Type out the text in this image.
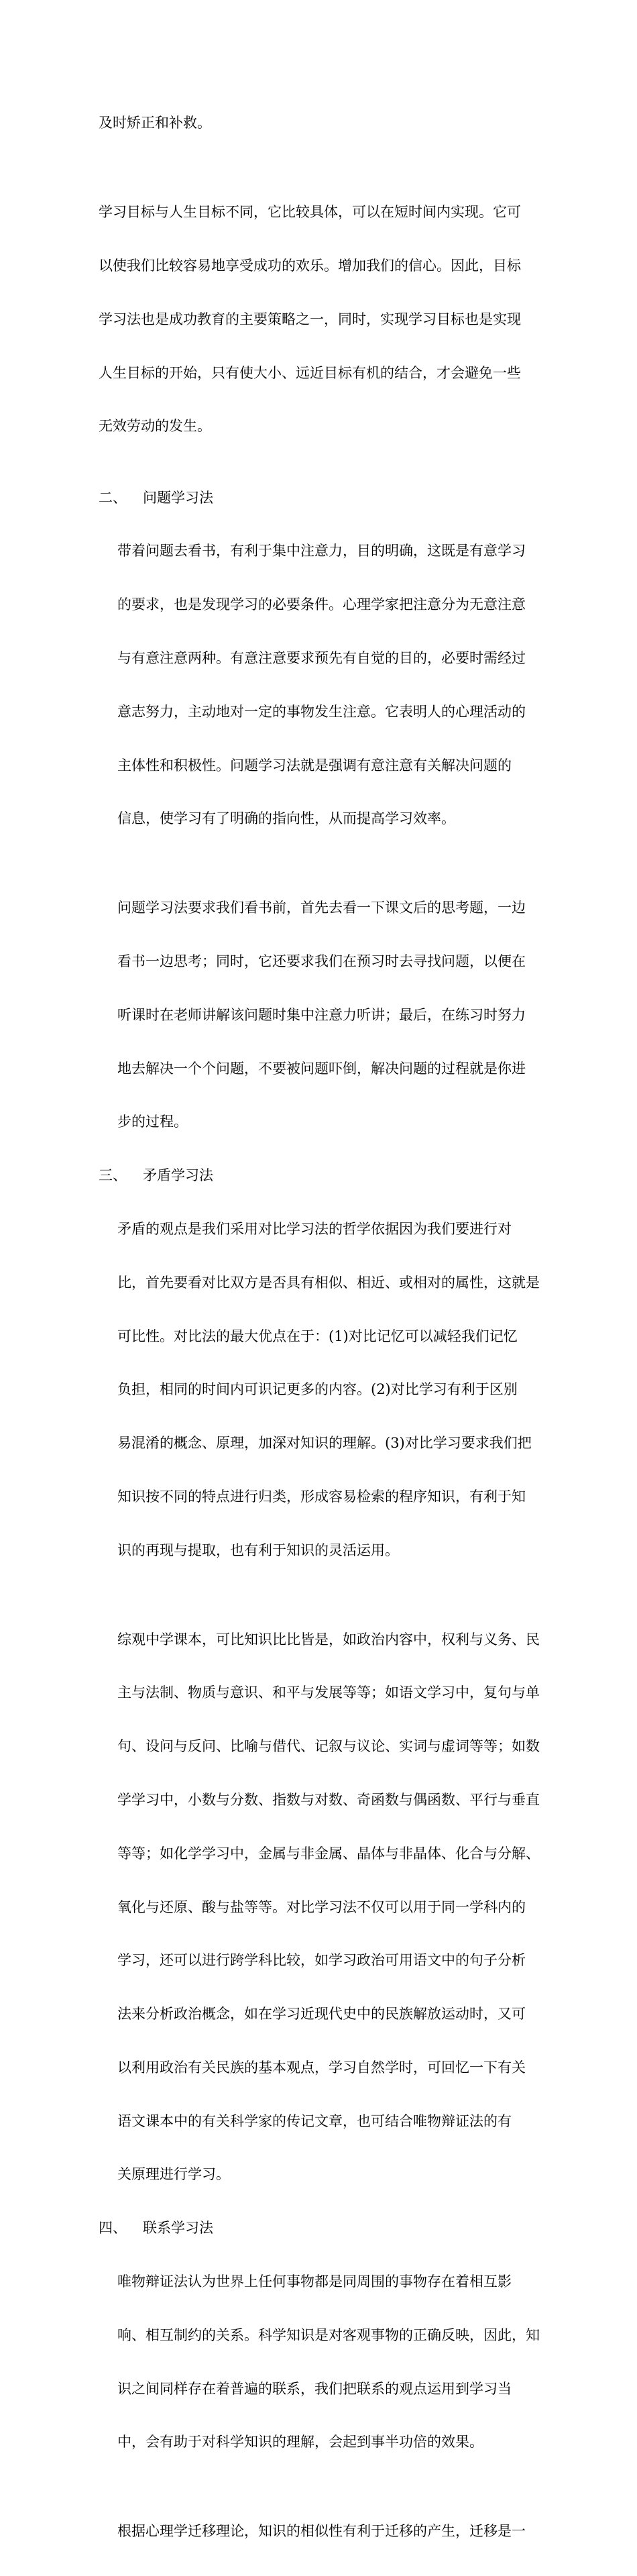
及时矫正和补救。

学习目标与人生目标不同，它比较具体，可以在短时间内实现。它可

以使我们比较容易地享受成功的欢乐。增加我们的信心。因此，目标

学习法也是成功教育的主要策略之一，同时，实现学习目标也是实现

人生目标的开始，只有使大小、远近目标有机的结合，才会避免一些

无效劳动的发生。

二、	问题学习法

带着问题去看书，有利于集中注意力，目的明确，这既是有意学习

的要求，也是发现学习的必要条件。心理学家把注意分为无意注意

与有意注意两种。有意注意要求预先有自觉的目的，必要时需经过

意志努力，主动地对一定的事物发生注意。它表明人的心理活动的

主体性和积极性。问题学习法就是强调有意注意有关解决问题的

信息，使学习有了明确的指向性，从而提高学习效率。

问题学习法要求我们看书前，首先去看一下课文后的思考题，一边

看书一边思考；同时，它还要求我们在预习时去寻找问题，以便在

听课时在老师讲解该问题时集中注意力听讲；最后，在练习时努力

地去解决一个个问题，不要被问题吓倒，解决问题的过程就是你进

步的过程。

三、	矛盾学习法

矛盾的观点是我们采用对比学习法的哲学依据因为我们要进行对

比，首先要看对比双方是否具有相似、相近、或相对的属性，这就是

可比性。对比法的最大优点在于：(1)对比记忆可以减轻我们记忆

负担，相同的时间内可识记更多的内容。(2)对比学习有利于区别

易混淆的概念、原理，加深对知识的理解。(3)对比学习要求我们把

知识按不同的特点进行归类，形成容易检索的程序知识，有利于知

识的再现与提取，也有利于知识的灵活运用。

综观中学课本，可比知识比比皆是，如政治内容中，权利与义务、民

主与法制、物质与意识、和平与发展等等；如语文学习中，复句与单

句、设问与反问、比喻与借代、记叙与议论、实词与虚词等等；如数

学学习中，小数与分数、指数与对数、奇函数与偶函数、平行与垂直

等等；如化学学习中，金属与非金属、晶体与非晶体、化合与分解、

氧化与还原、酸与盐等等。对比学习法不仅可以用于同一学科内的

学习，还可以进行跨学科比较，如学习政治可用语文中的句子分析

法来分析政治概念，如在学习近现代史中的民族解放运动时，又可

以利用政治有关民族的基本观点，学习自然学时，可回忆一下有关

语文课本中的有关科学家的传记文章，也可结合唯物辩证法的有

关原理进行学习。

四、	联系学习法

唯物辩证法认为世界上任何事物都是同周围的事物存在着相互影

响、相互制约的关系。科学知识是对客观事物的正确反映，因此，知

识之间同样存在着普遍的联系，我们把联系的观点运用到学习当

中，会有助于对科学知识的理解，会起到事半功倍的效果。

根据心理学迁移理论，知识的相似性有利于迁移的产生，迁移是一
